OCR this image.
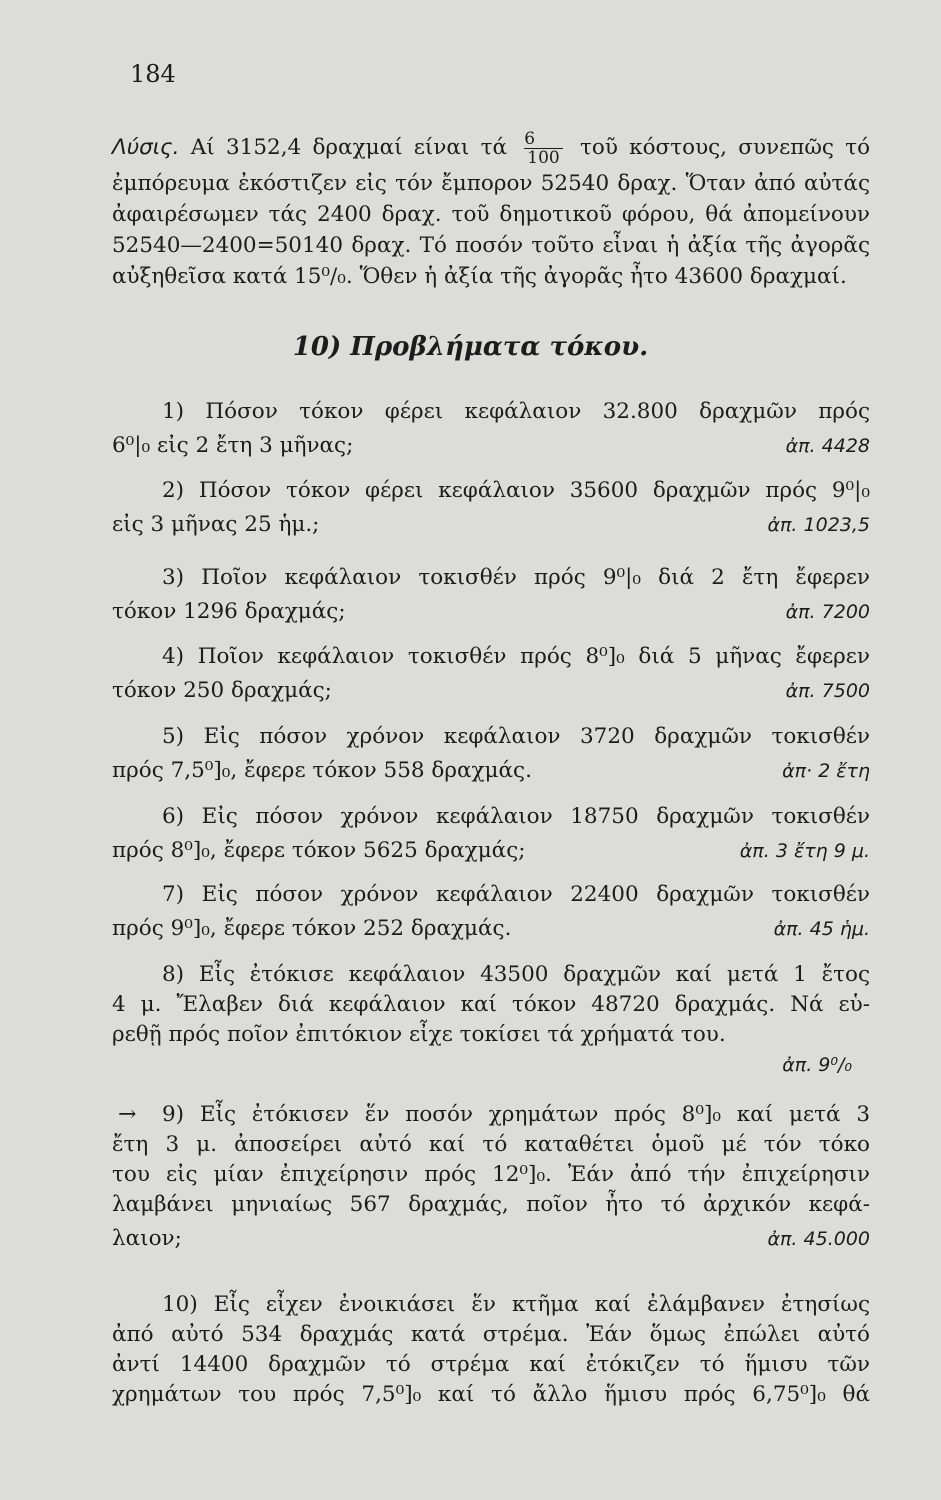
184
Λύσις. Αί 3152,4 δραχμαί είναι τά $\frac{6}{100}$ τοῦ κόστους, συνεπῶς τό
ἐμπόρευμα ἐκόστιζεν εἰς τόν ἔμπορον 52540 δραχ. Ὅταν ἀπό αὐτάς
ἀφαιρέσωμεν τάς 2400 δραχ. τοῦ δημοτικοῦ φόρου, θά ἀπομείνουν
52540—2400=50140 δραχ. Τό ποσόν τοῦτο εἶναι ἡ ἀξία τῆς ἀγορᾶς
αὐξηθεῖσα κατά 15⁰/₀. Ὅθεν ἡ ἀξία τῆς ἀγορᾶς ἦτο 43600 δραχμαί.
10) Προβλήματα τόκου.
1) Πόσον τόκον φέρει κεφάλαιον 32.800 δραχμῶν πρός
6⁰|₀ εἰς 2 ἔτη 3 μῆνας;	ἀπ. 4428
2) Πόσον τόκον φέρει κεφάλαιον 35600 δραχμῶν πρός 9⁰|₀
εἰς 3 μῆνας 25 ἡμ.;	ἀπ. 1023,5
3) Ποῖον κεφάλαιον τοκισθέν πρός 9⁰|₀ διά 2 ἔτη ἔφερεν
τόκον 1296 δραχμάς;	ἀπ. 7200
4) Ποῖον κεφάλαιον τοκισθέν πρός 8⁰]₀ διά 5 μῆνας ἔφερεν
τόκον 250 δραχμάς;	ἀπ. 7500
5) Εἰς πόσον χρόνον κεφάλαιον 3720 δραχμῶν τοκισθέν
πρός 7,5⁰]₀, ἔφερε τόκον 558 δραχμάς.	ἀπ· 2 ἔτη
6) Εἰς πόσον χρόνον κεφάλαιον 18750 δραχμῶν τοκισθέν
πρός 8⁰]₀, ἔφερε τόκον 5625 δραχμάς;	ἀπ. 3 ἔτη 9 μ.
7) Εἰς πόσον χρόνον κεφάλαιον 22400 δραχμῶν τοκισθέν
πρός 9⁰]₀, ἔφερε τόκον 252 δραχμάς.	ἀπ. 45 ἡμ.
8) Εἶς ἐτόκισε κεφάλαιον 43500 δραχμῶν καί μετά 1 ἔτος
4 μ. Ἔλαβεν διά κεφάλαιον καί τόκον 48720 δραχμάς. Νά εὑ-
ρεθῇ πρός ποῖον ἐπιτόκιον εἶχε τοκίσει τά χρήματά του.
ἀπ. 9⁰/₀
→	9) Εἶς ἐτόκισεν ἕν ποσόν χρημάτων πρός 8⁰]₀ καί μετά 3
ἔτη 3 μ. ἀποσείρει αὐτό καί τό καταθέτει ὁμοῦ μέ τόν τόκο
του εἰς μίαν ἐπιχείρησιν πρός 12⁰]₀. Ἐάν ἀπό τήν ἐπιχείρησιν
λαμβάνει μηνιαίως 567 δραχμάς, ποῖον ἦτο τό ἀρχικόν κεφά-
λαιον;	ἀπ. 45.000
10) Εἶς εἶχεν ἐνοικιάσει ἕν κτῆμα καί ἐλάμβανεν ἐτησίως
ἀπό αὐτό 534 δραχμάς κατά στρέμα. Ἐάν ὅμως ἐπώλει αὐτό
ἀντί 14400 δραχμῶν τό στρέμα καί ἐτόκιζεν τό ἥμισυ τῶν
χρημάτων του πρός 7,5⁰]₀ καί τό ἄλλο ἥμισυ πρός 6,75⁰]₀ θά
